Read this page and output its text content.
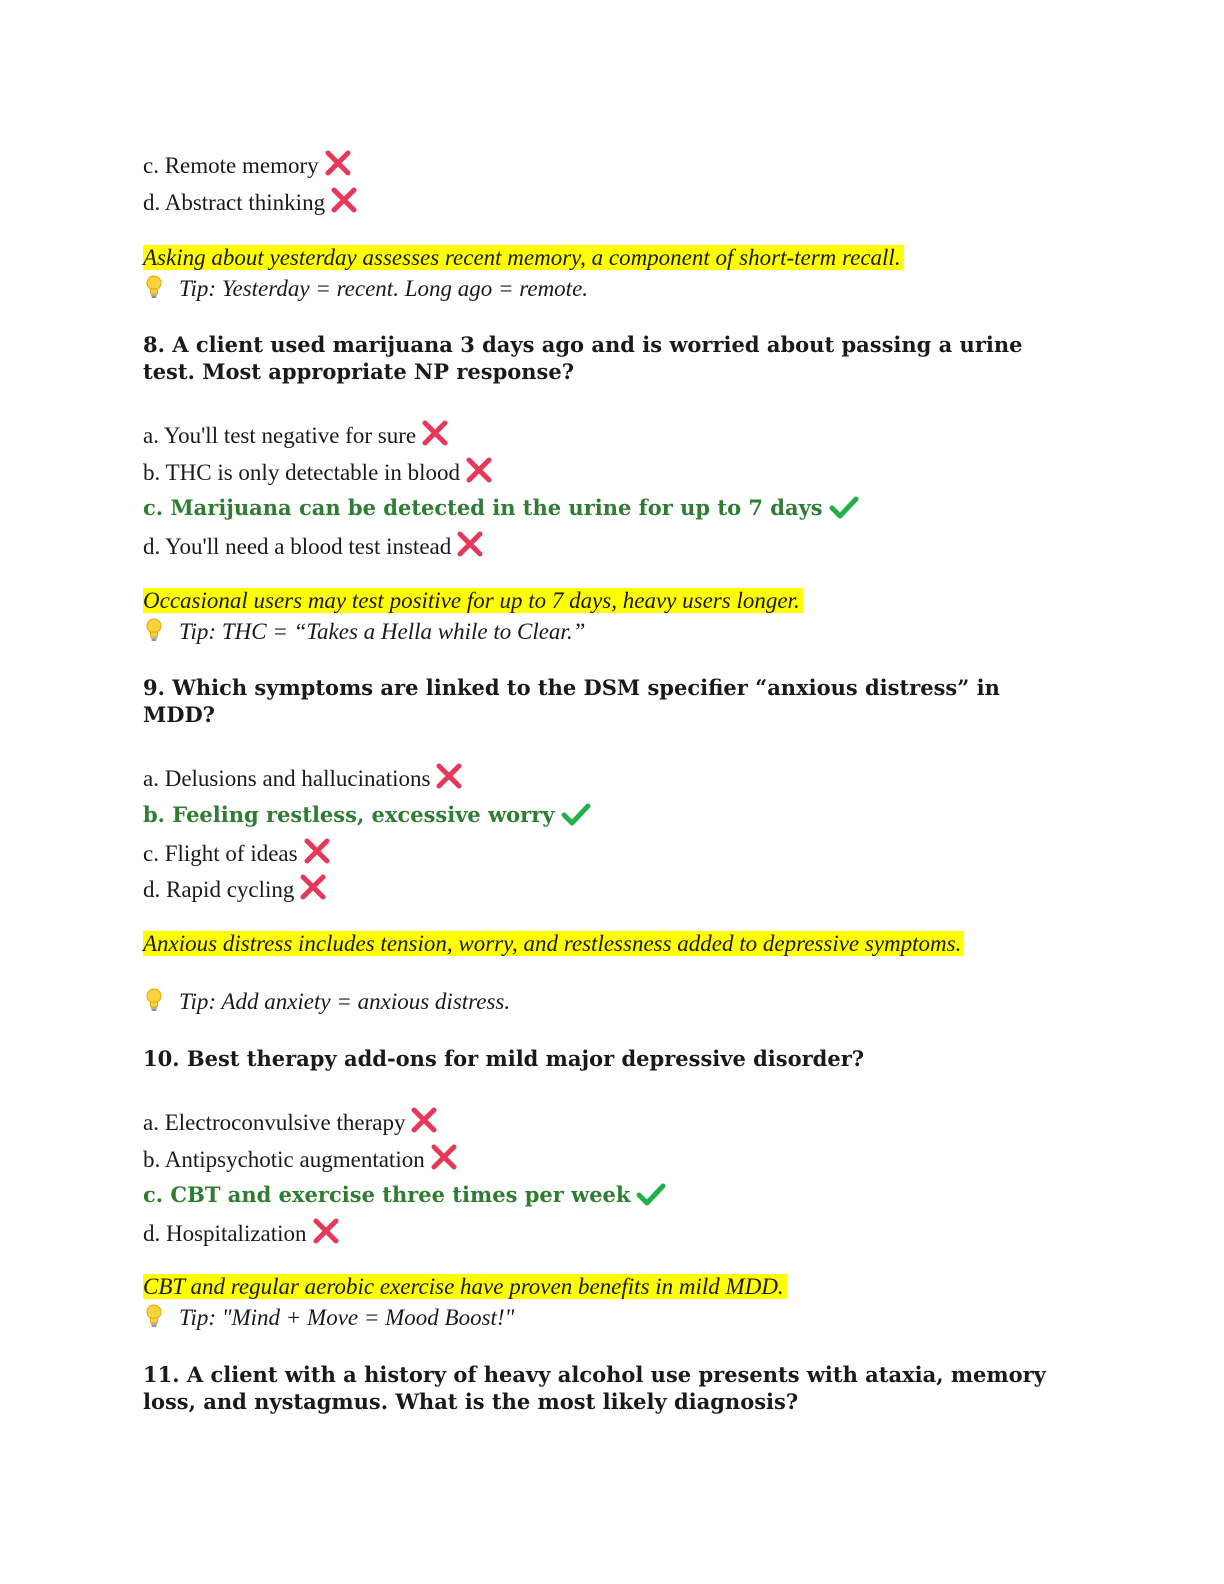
c. Remote memory
d. Abstract thinking
Asking about yesterday assesses recent memory, a component of short-term recall.
Tip: Yesterday = recent. Long ago = remote.
8. A client used marijuana 3 days ago and is worried about passing a urine test. Most appropriate NP response?
a. You'll test negative for sure
b. THC is only detectable in blood
c. Marijuana can be detected in the urine for up to 7 days
d. You'll need a blood test instead
Occasional users may test positive for up to 7 days, heavy users longer.
Tip: THC = “Takes a Hella while to Clear.”
9. Which symptoms are linked to the DSM specifier “anxious distress” in MDD?
a. Delusions and hallucinations
b. Feeling restless, excessive worry
c. Flight of ideas
d. Rapid cycling
Anxious distress includes tension, worry, and restlessness added to depressive symptoms.
Tip: Add anxiety = anxious distress.
10. Best therapy add-ons for mild major depressive disorder?
a. Electroconvulsive therapy
b. Antipsychotic augmentation
c. CBT and exercise three times per week
d. Hospitalization
CBT and regular aerobic exercise have proven benefits in mild MDD.
Tip: "Mind + Move = Mood Boost!"
11. A client with a history of heavy alcohol use presents with ataxia, memory loss, and nystagmus. What is the most likely diagnosis?
